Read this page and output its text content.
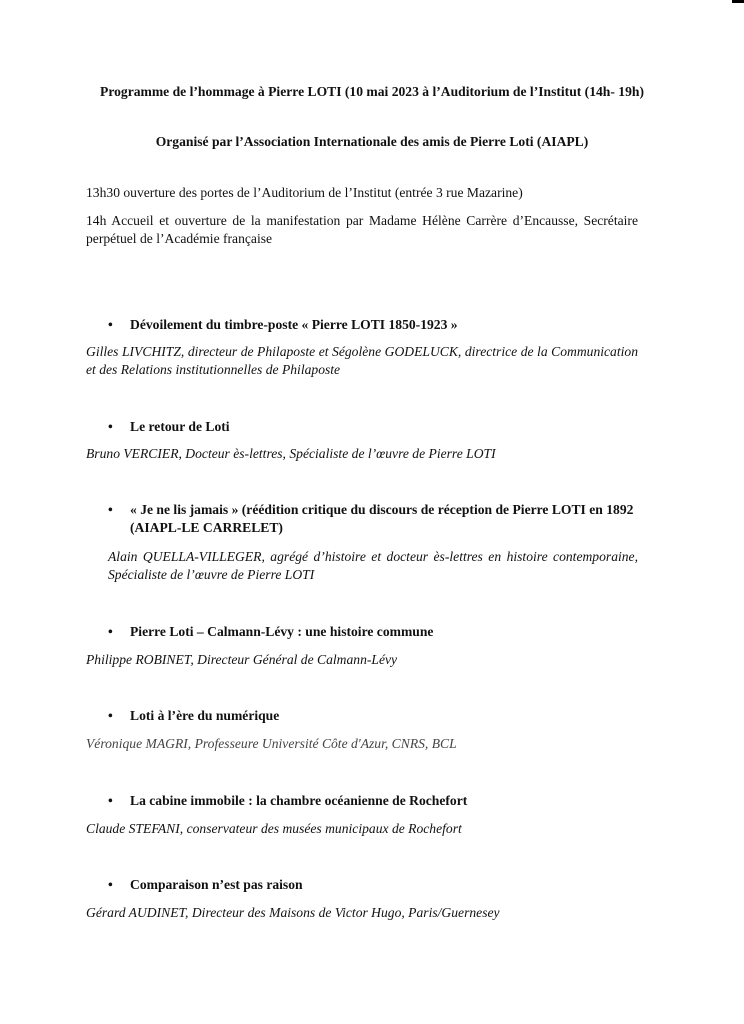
Programme de l’hommage à Pierre LOTI (10 mai 2023 à l’Auditorium de l’Institut (14h- 19h)
Organisé par l’Association Internationale des amis de Pierre Loti (AIAPL)
13h30 ouverture des portes de l’Auditorium de l’Institut (entrée 3 rue Mazarine)
14h Accueil et ouverture de la manifestation par Madame Hélène Carrère d’Encausse, Secrétaire perpétuel de l’Académie française
•	Dévoilement du timbre-poste « Pierre LOTI 1850-1923 »
Gilles LIVCHITZ, directeur de Philaposte et Ségolène GODELUCK, directrice de la Communication et des Relations institutionnelles de Philaposte
•	Le retour de Loti
Bruno VERCIER, Docteur ès-lettres, Spécialiste de l’œuvre de Pierre LOTI
•	« Je ne lis jamais » (réédition critique du discours de réception de Pierre LOTI en 1892 (AIAPL-LE CARRELET)
Alain QUELLA-VILLEGER, agrégé d’histoire et docteur ès-lettres en histoire contemporaine, Spécialiste de l’œuvre de Pierre LOTI
•	Pierre Loti – Calmann-Lévy : une histoire commune
Philippe ROBINET, Directeur Général de Calmann-Lévy
•	Loti à l’ère du numérique
Véronique MAGRI, Professeure Université Côte d'Azur, CNRS, BCL
•	La cabine immobile : la chambre océanienne de Rochefort
Claude STEFANI, conservateur des musées municipaux de Rochefort
•	Comparaison n’est pas raison
Gérard AUDINET, Directeur des Maisons de Victor Hugo, Paris/Guernesey
